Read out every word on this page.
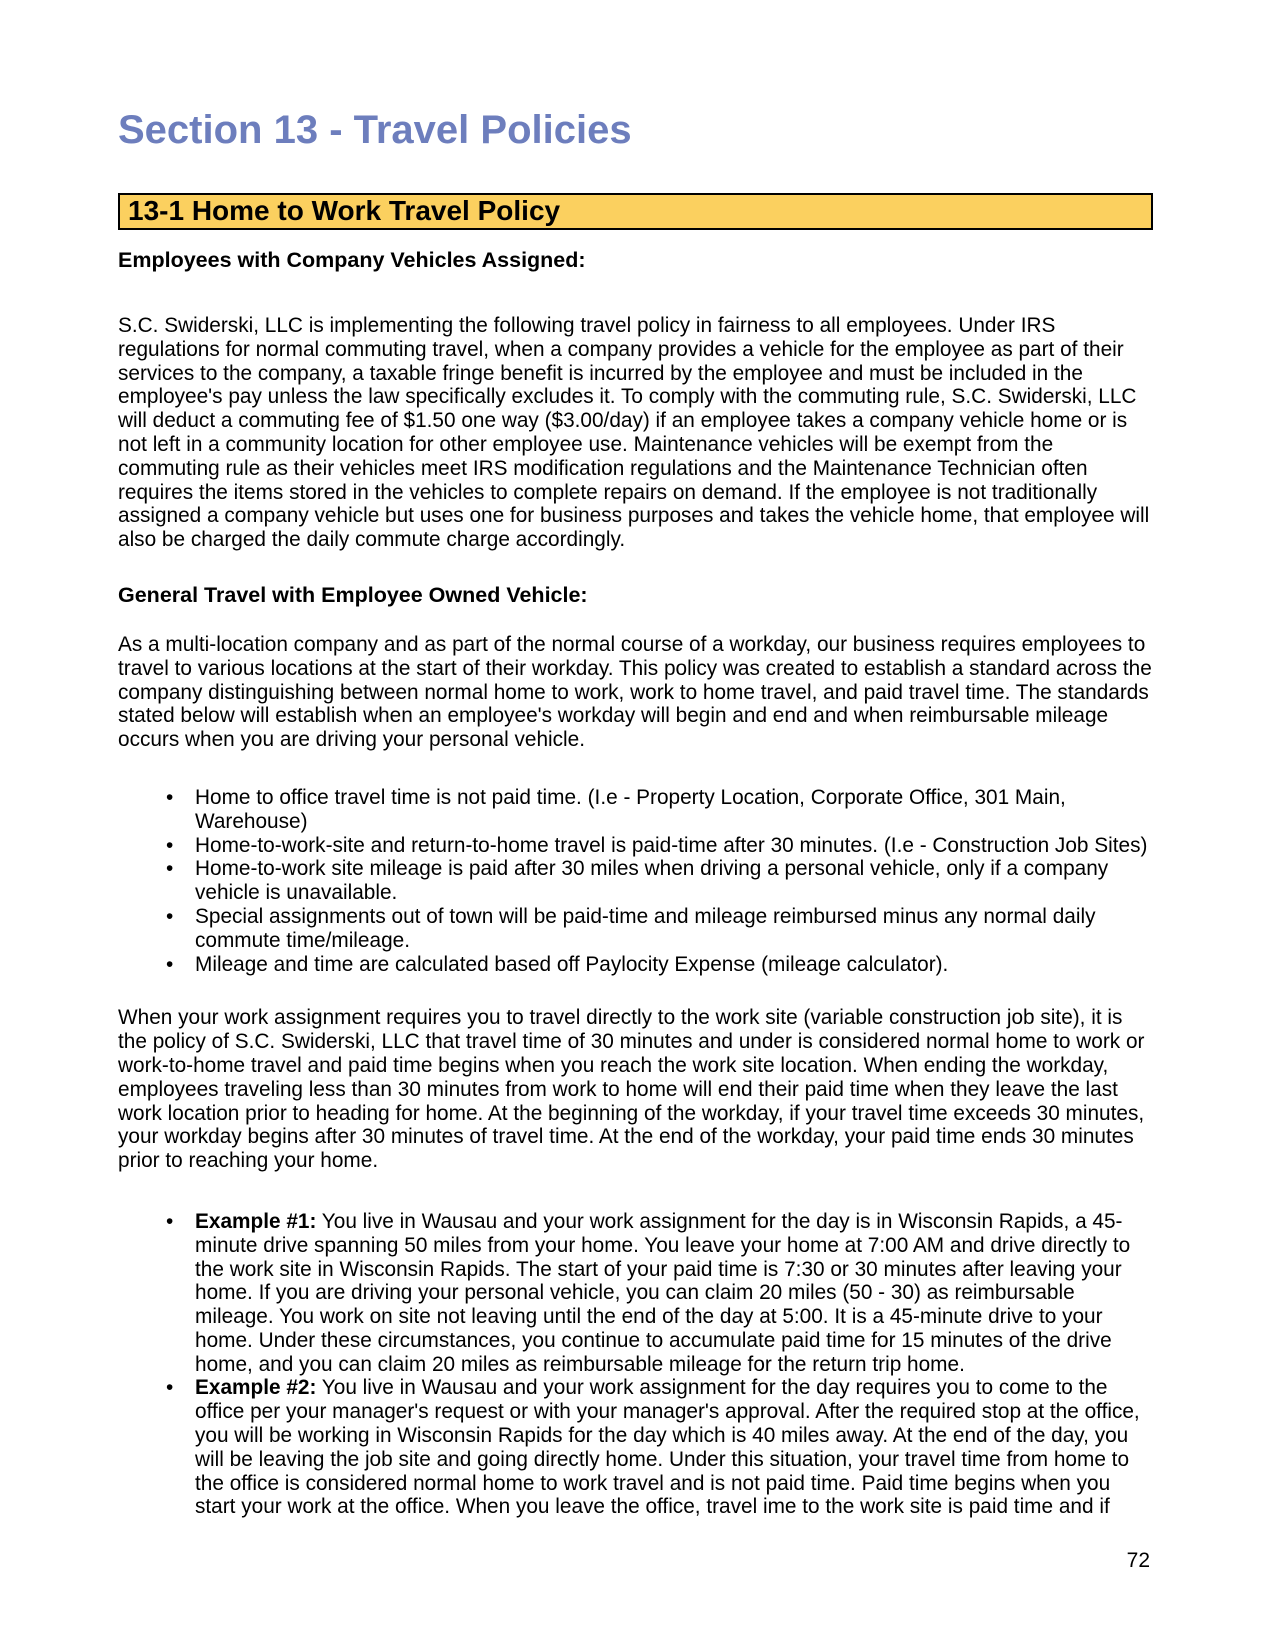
Section 13 - Travel Policies
13-1 Home to Work Travel Policy
Employees with Company Vehicles Assigned:

S.C. Swiderski, LLC is implementing the following travel policy in fairness to all employees. Under IRS regulations for normal commuting travel, when a company provides a vehicle for the employee as part of their services to the company, a taxable fringe benefit is incurred by the employee and must be included in the employee's pay unless the law specifically excludes it. To comply with the commuting rule, S.C. Swiderski, LLC will deduct a commuting fee of $1.50 one way ($3.00/day) if an employee takes a company vehicle home or is not left in a community location for other employee use. Maintenance vehicles will be exempt from the commuting rule as their vehicles meet IRS modification regulations and the Maintenance Technician often requires the items stored in the vehicles to complete repairs on demand. If the employee is not traditionally assigned a company vehicle but uses one for business purposes and takes the vehicle home, that employee will also be charged the daily commute charge accordingly.

General Travel with Employee Owned Vehicle:

As a multi-location company and as part of the normal course of a workday, our business requires employees to travel to various locations at the start of their workday. This policy was created to establish a standard across the company distinguishing between normal home to work, work to home travel, and paid travel time. The standards stated below will establish when an employee's workday will begin and end and when reimbursable mileage occurs when you are driving your personal vehicle.

• Home to office travel time is not paid time. (I.e - Property Location, Corporate Office, 301 Main, Warehouse)
• Home-to-work-site and return-to-home travel is paid-time after 30 minutes. (I.e - Construction Job Sites)
• Home-to-work site mileage is paid after 30 miles when driving a personal vehicle, only if a company vehicle is unavailable.
• Special assignments out of town will be paid-time and mileage reimbursed minus any normal daily commute time/mileage.
• Mileage and time are calculated based off Paylocity Expense (mileage calculator).

When your work assignment requires you to travel directly to the work site (variable construction job site), it is the policy of S.C. Swiderski, LLC that travel time of 30 minutes and under is considered normal home to work or work-to-home travel and paid time begins when you reach the work site location. When ending the workday, employees traveling less than 30 minutes from work to home will end their paid time when they leave the last work location prior to heading for home. At the beginning of the workday, if your travel time exceeds 30 minutes, your workday begins after 30 minutes of travel time. At the end of the workday, your paid time ends 30 minutes prior to reaching your home.

• Example #1: You live in Wausau and your work assignment for the day is in Wisconsin Rapids, a 45-minute drive spanning 50 miles from your home. You leave your home at 7:00 AM and drive directly to the work site in Wisconsin Rapids. The start of your paid time is 7:30 or 30 minutes after leaving your home. If you are driving your personal vehicle, you can claim 20 miles (50 - 30) as reimbursable mileage. You work on site not leaving until the end of the day at 5:00. It is a 45-minute drive to your home. Under these circumstances, you continue to accumulate paid time for 15 minutes of the drive home, and you can claim 20 miles as reimbursable mileage for the return trip home.
• Example #2: You live in Wausau and your work assignment for the day requires you to come to the office per your manager's request or with your manager's approval. After the required stop at the office, you will be working in Wisconsin Rapids for the day which is 40 miles away. At the end of the day, you will be leaving the job site and going directly home. Under this situation, your travel time from home to the office is considered normal home to work travel and is not paid time. Paid time begins when you start your work at the office. When you leave the office, travel ime to the work site is paid time and if
72
